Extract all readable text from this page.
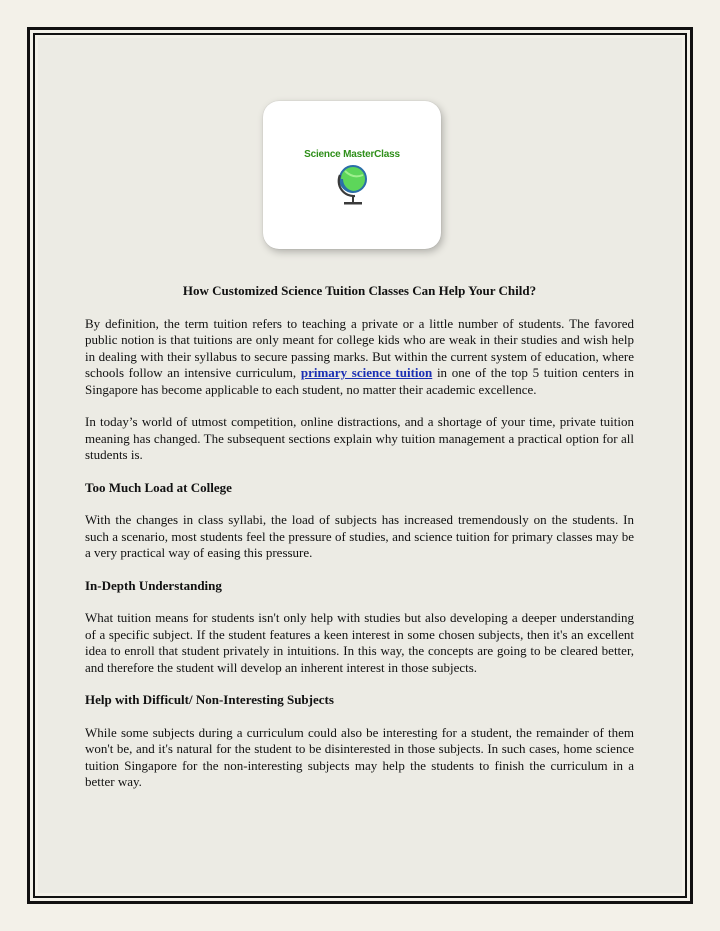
Science MasterClass
How Customized Science Tuition Classes Can Help Your Child?

By definition, the term tuition refers to teaching a private or a little number of students. The favored public notion is that tuitions are only meant for college kids who are weak in their studies and wish help in dealing with their syllabus to secure passing marks. But within the current system of education, where schools follow an intensive curriculum, primary science tuition in one of the top 5 tuition centers in Singapore has become applicable to each student, no matter their academic excellence.

In today’s world of utmost competition, online distractions, and a shortage of your time, private tuition meaning has changed. The subsequent sections explain why tuition management a practical option for all students is.

Too Much Load at College

With the changes in class syllabi, the load of subjects has increased tremendously on the students. In such a scenario, most students feel the pressure of studies, and science tuition for primary classes may be a very practical way of easing this pressure.

In-Depth Understanding

What tuition means for students isn't only help with studies but also developing a deeper understanding of a specific subject. If the student features a keen interest in some chosen subjects, then it's an excellent idea to enroll that student privately in intuitions. In this way, the concepts are going to be cleared better, and therefore the student will develop an inherent interest in those subjects.

Help with Difficult/ Non-Interesting Subjects

While some subjects during a curriculum could also be interesting for a student, the remainder of them won't be, and it's natural for the student to be disinterested in those subjects. In such cases, home science tuition Singapore for the non-interesting subjects may help the students to finish the curriculum in a better way.
